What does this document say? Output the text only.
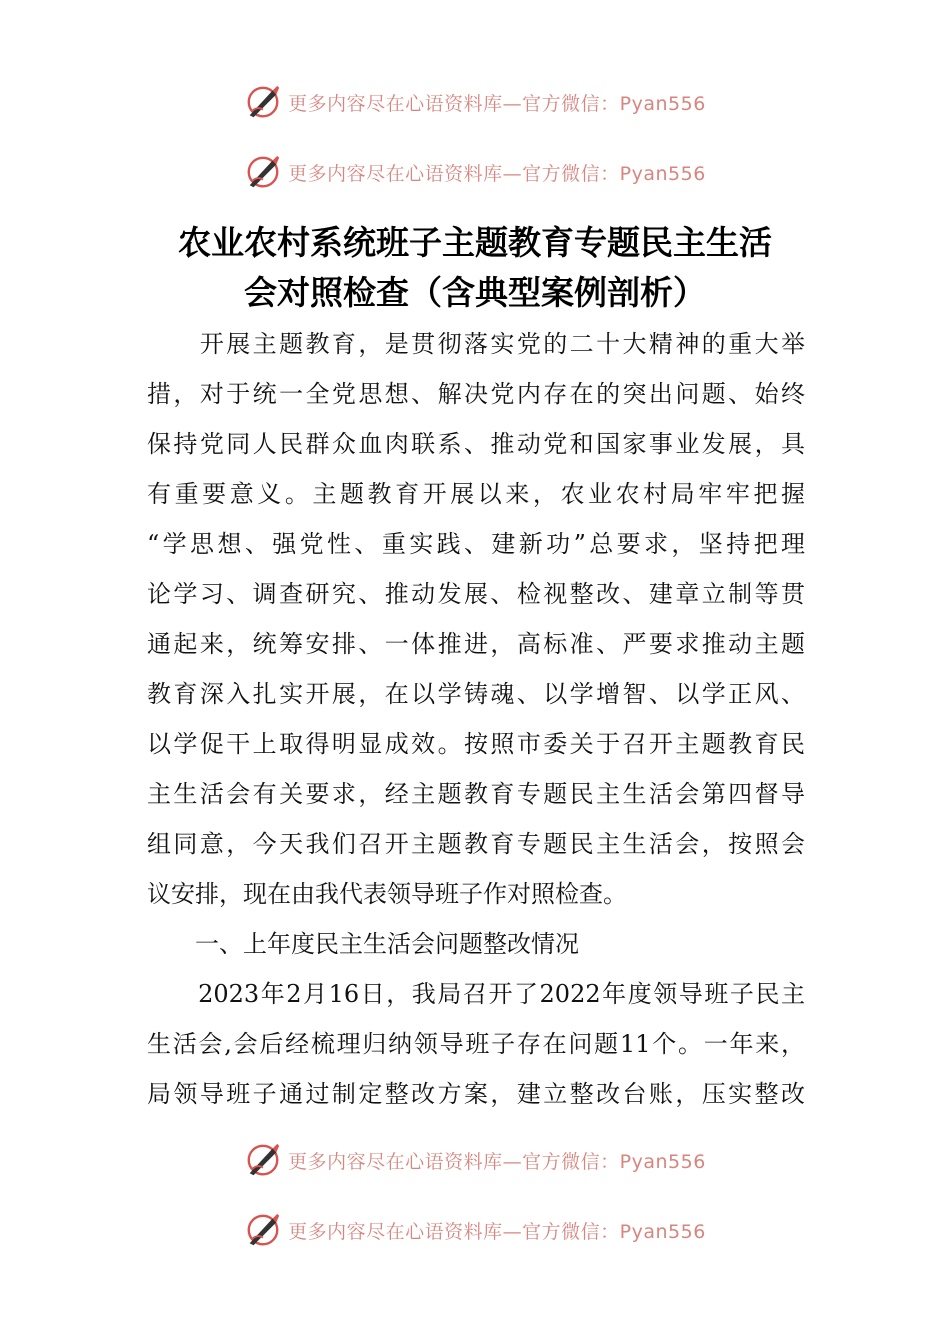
更多内容尽在心语资料库—官方微信：Pyan556
更多内容尽在心语资料库—官方微信：Pyan556
农业农村系统班子主题教育专题民主生活
会对照检查（含典型案例剖析）
　　开展主题教育，是贯彻落实党的二十大精神的重大举
措，对于统一全党思想、解决党内存在的突出问题、始终
保持党同人民群众血肉联系、推动党和国家事业发展，具
有重要意义。主题教育开展以来，农业农村局牢牢把握
“学思想、强党性、重实践、建新功”总要求，坚持把理
论学习、调查研究、推动发展、检视整改、建章立制等贯
通起来，统筹安排、一体推进，高标准、严要求推动主题
教育深入扎实开展，在以学铸魂、以学增智、以学正风、
以学促干上取得明显成效。按照市委关于召开主题教育民
主生活会有关要求，经主题教育专题民主生活会第四督导
组同意，今天我们召开主题教育专题民主生活会，按照会
议安排，现在由我代表领导班子作对照检查。
　　一、上年度民主生活会问题整改情况
　　2023年2月16日，我局召开了2022年度领导班子民主
生活会,会后经梳理归纳领导班子存在问题11个。一年来，
局领导班子通过制定整改方案，建立整改台账，压实整改
更多内容尽在心语资料库—官方微信：Pyan556
更多内容尽在心语资料库—官方微信：Pyan556
